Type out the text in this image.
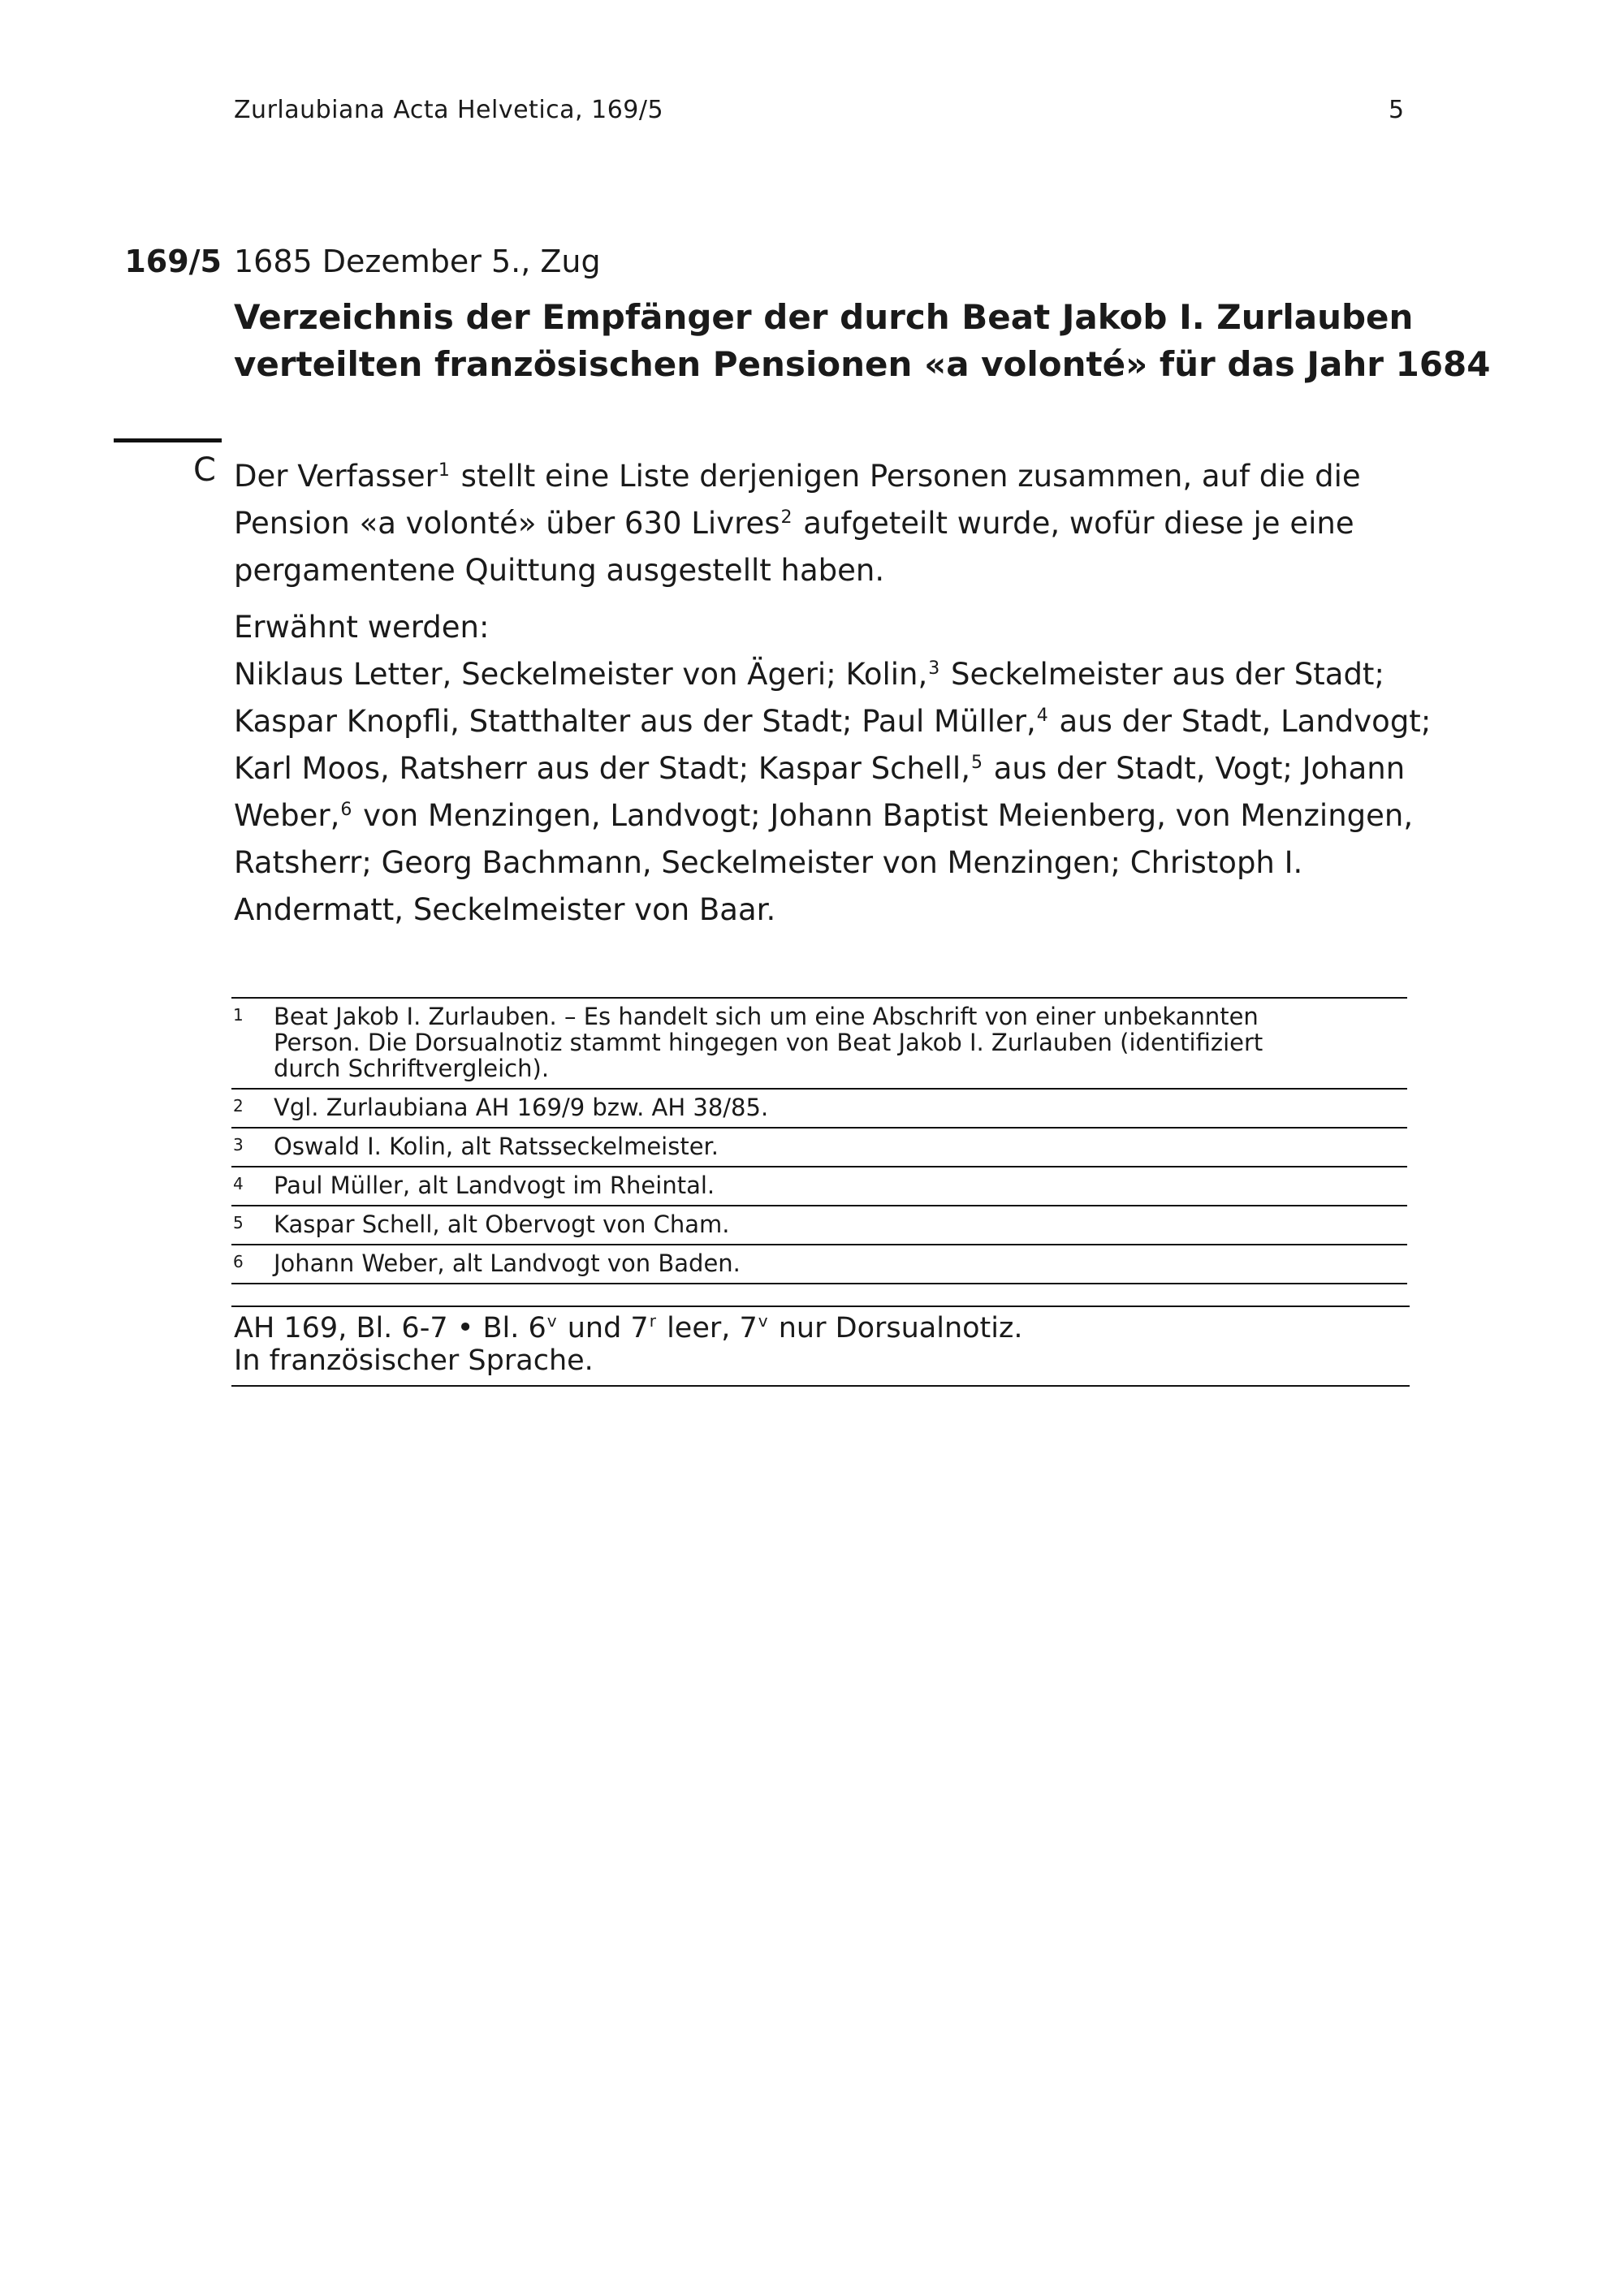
Zurlaubiana Acta Helvetica, 169/5	5
169/5 1685 Dezember 5., Zug
Verzeichnis der Empfänger der durch Beat Jakob I. Zurlauben
verteilten französischen Pensionen «a volonté» für das Jahr 1684
C Der Verfasser$^1$ stellt eine Liste derjenigen Personen zusammen, auf die die
Pension «a volonté» über 630 Livres$^2$ aufgeteilt wurde, wofür diese je eine
pergamentene Quittung ausgestellt haben.

Erwähnt werden:
Niklaus Letter, Seckelmeister von Ägeri; Kolin,$^3$ Seckelmeister aus der Stadt;
Kaspar Knopfli, Statthalter aus der Stadt; Paul Müller,$^4$ aus der Stadt, Landvogt;
Karl Moos, Ratsherr aus der Stadt; Kaspar Schell,$^5$ aus der Stadt, Vogt; Johann
Weber,$^6$ von Menzingen, Landvogt; Johann Baptist Meienberg, von Menzingen,
Ratsherr; Georg Bachmann, Seckelmeister von Menzingen; Christoph I.
Andermatt, Seckelmeister von Baar.

1 Beat Jakob I. Zurlauben. – Es handelt sich um eine Abschrift von einer unbekannten
Person. Die Dorsualnotiz stammt hingegen von Beat Jakob I. Zurlauben (identifiziert
durch Schriftvergleich).
2 Vgl. Zurlaubiana AH 169/9 bzw. AH 38/85.
3 Oswald I. Kolin, alt Ratsseckelmeister.
4 Paul Müller, alt Landvogt im Rheintal.
5 Kaspar Schell, alt Obervogt von Cham.
6 Johann Weber, alt Landvogt von Baden.
AH 169, Bl. 6-7 • Bl. 6$^v$ und 7$^r$ leer, 7$^v$ nur Dorsualnotiz.
In französischer Sprache.
